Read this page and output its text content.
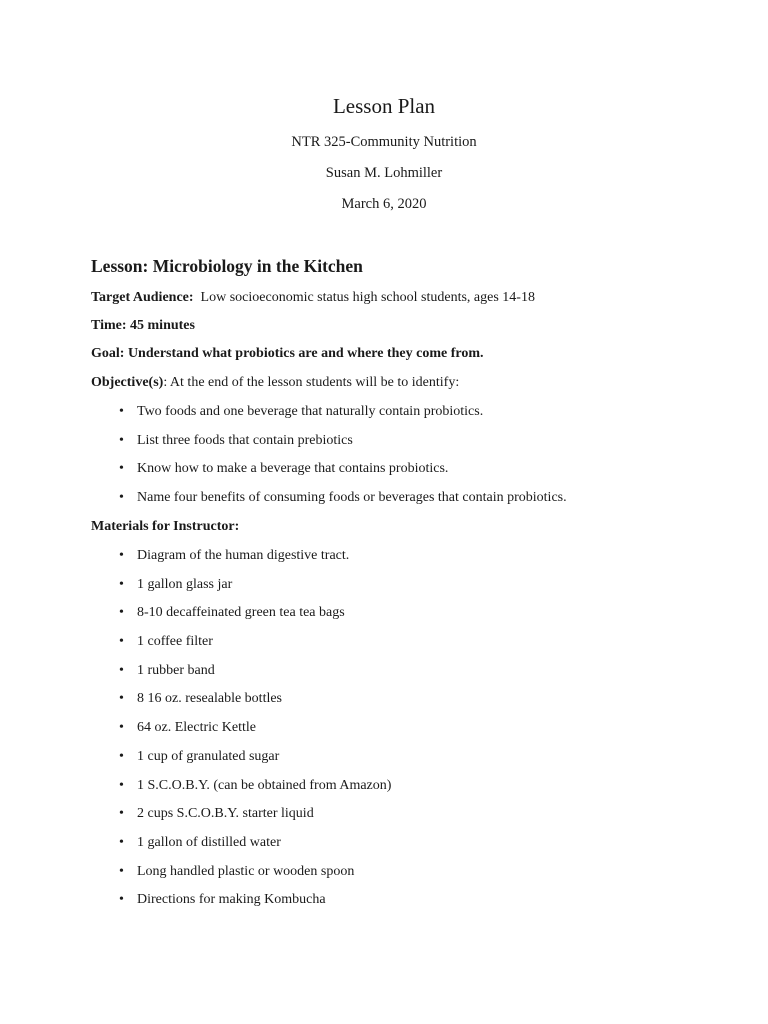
Lesson Plan
NTR 325-Community Nutrition
Susan M. Lohmiller
March 6, 2020
Lesson: Microbiology in the Kitchen
Target Audience: Low socioeconomic status high school students, ages 14-18
Time: 45 minutes
Goal: Understand what probiotics are and where they come from.
Objective(s): At the end of the lesson students will be to identify:
• Two foods and one beverage that naturally contain probiotics.
• List three foods that contain prebiotics
• Know how to make a beverage that contains probiotics.
• Name four benefits of consuming foods or beverages that contain probiotics.
Materials for Instructor:
• Diagram of the human digestive tract.
• 1 gallon glass jar
• 8-10 decaffeinated green tea tea bags
• 1 coffee filter
• 1 rubber band
• 8 16 oz. resealable bottles
• 64 oz. Electric Kettle
• 1 cup of granulated sugar
• 1 S.C.O.B.Y. (can be obtained from Amazon)
• 2 cups S.C.O.B.Y. starter liquid
• 1 gallon of distilled water
• Long handled plastic or wooden spoon
• Directions for making Kombucha
